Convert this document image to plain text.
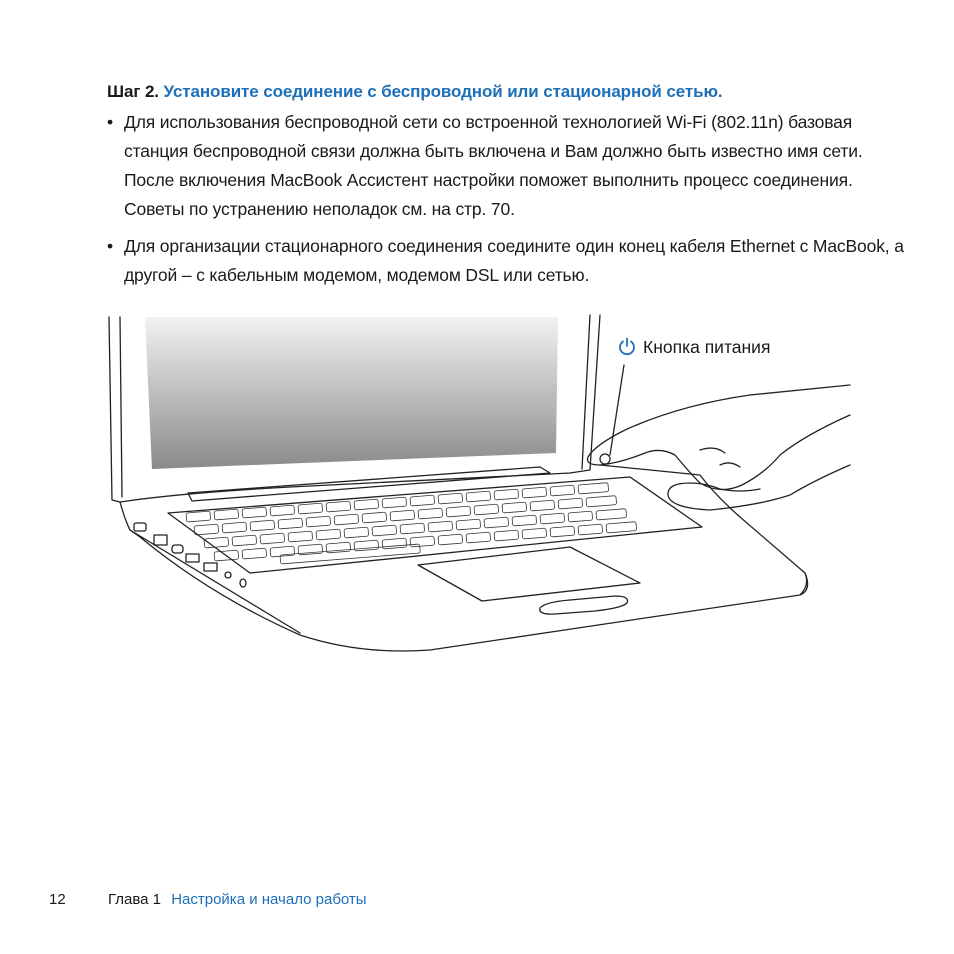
Шаг 2. Установите соединение с беспроводной или стационарной сетью.
• Для использования беспроводной сети со встроенной технологией Wi-Fi (802.11n) базовая станция беспроводной связи должна быть включена и Вам должно быть известно имя сети. После включения MacBook Ассистент настройки поможет выполнить процесс соединения. Советы по устранению неполадок см. на стр. 70.
• Для организации стационарного соединения соедините один конец кабеля Ethernet с MacBook, а другой – с кабельным модемом, модемом DSL или сетью.
Кнопка питания
12	Глава 1 Настройка и начало работы
